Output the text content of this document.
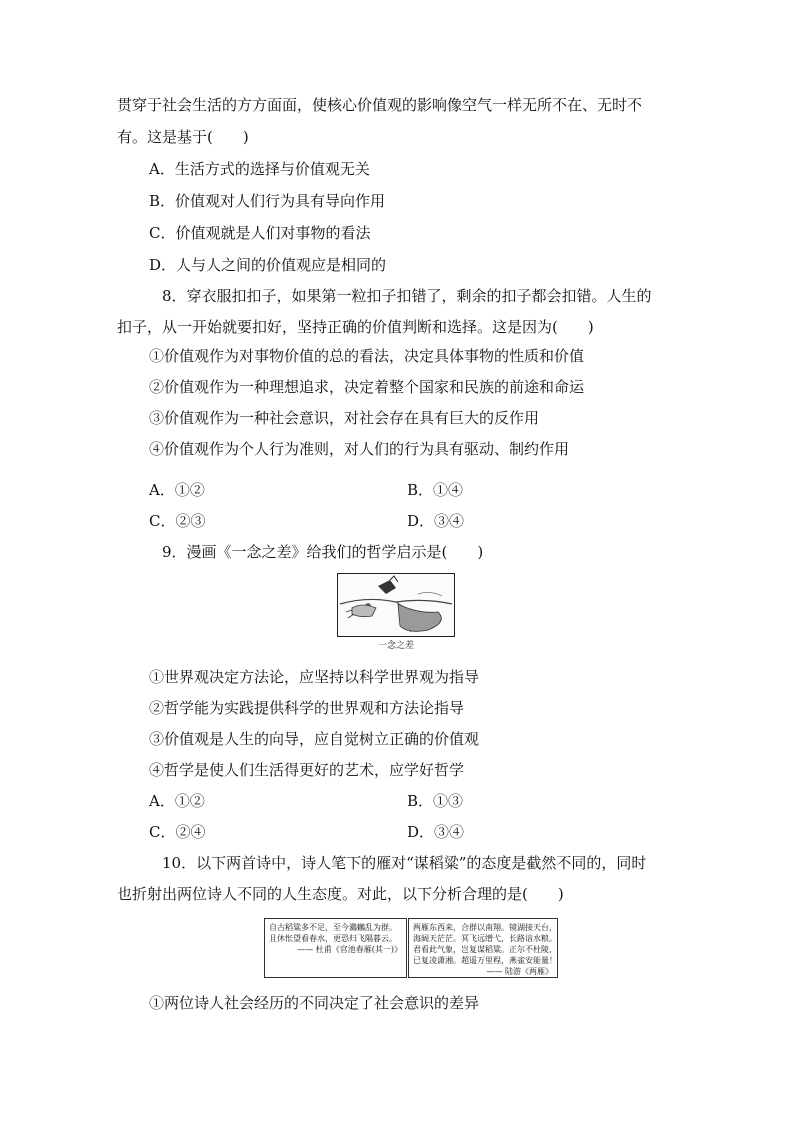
贯穿于社会生活的方方面面，使核心价值观的影响像空气一样无所不在、无时不
有。这是基于(　　)
A．生活方式的选择与价值观无关
B．价值观对人们行为具有导向作用
C．价值观就是人们对事物的看法
D．人与人之间的价值观应是相同的
8．穿衣服扣扣子，如果第一粒扣子扣错了，剩余的扣子都会扣错。人生的
扣子，从一开始就要扣好，坚持正确的价值判断和选择。这是因为(　　)
①价值观作为对事物价值的总的看法，决定具体事物的性质和价值
②价值观作为一种理想追求，决定着整个国家和民族的前途和命运
③价值观作为一种社会意识，对社会存在具有巨大的反作用
④价值观作为个人行为准则，对人们的行为具有驱动、制约作用
A．①②	B．①④
C．②③	D．③④
9．漫画《一念之差》给我们的哲学启示是(　　)
一念之差
①世界观决定方法论，应坚持以科学世界观为指导
②哲学能为实践提供科学的世界观和方法论指导
③价值观是人生的向导，应自觉树立正确的价值观
④哲学是使人们生活得更好的艺术，应学好哲学
A．①②	B．①③
C．②④	D．③④
10．以下两首诗中，诗人笔下的雁对“谋稻粱”的态度是截然不同的，同时
也折射出两位诗人不同的人生态度。对此，以下分析合理的是(　　)
自古稻粱多不足，至今鸂鶒乱为群。
且休怅望看春水，更恐归飞隔暮云。
—— 杜甫《官池春雁(其一)》
两雁东西来，合群以南翔。镜湖接天台，
海阔天茫茫。冥飞远缯弋，长路谙水粮。
君看此气象，岂复谋稻粱。正尔不杜陵，
已复凌潇湘。超遥万里程，燕雀安能量！
—— 陆游《两雁》
①两位诗人社会经历的不同决定了社会意识的差异
